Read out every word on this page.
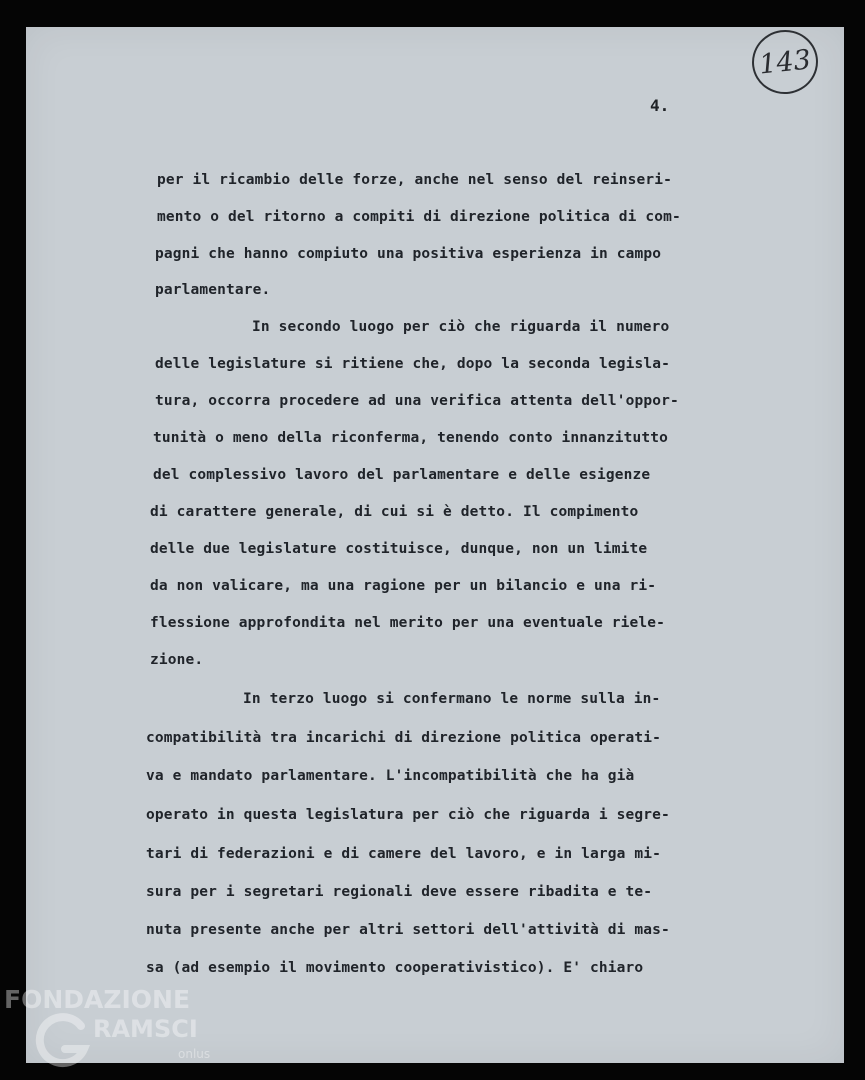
143
4.

per il ricambio delle forze, anche nel senso del reinseri-

mento o del ritorno a compiti di direzione politica di com-

pagni che hanno compiuto una positiva esperienza in campo

parlamentare.

In secondo luogo per ciò che riguarda il numero

delle legislature si ritiene che, dopo la seconda legisla-

tura, occorra procedere ad una verifica attenta dell'oppor-

tunità o meno della riconferma, tenendo conto innanzitutto

del complessivo lavoro del parlamentare e delle esigenze

di carattere generale, di cui si è detto. Il compimento

delle due legislature costituisce, dunque, non un limite

da non valicare, ma una ragione per un bilancio e una ri-

flessione approfondita nel merito per una eventuale riele-

zione.

In terzo luogo si confermano le norme sulla in-

compatibilità tra incarichi di direzione politica operati-

va e mandato parlamentare. L'incompatibilità che ha già

operato in questa legislatura per ciò che riguarda i segre-

tari di federazioni e di camere del lavoro, e in larga mi-

sura per i segretari regionali deve essere ribadita e te-

nuta presente anche per altri settori dell'attività di mas-

sa (ad esempio il movimento cooperativistico). E' chiaro

FONDAZIONE
RAMSCI
onlus
